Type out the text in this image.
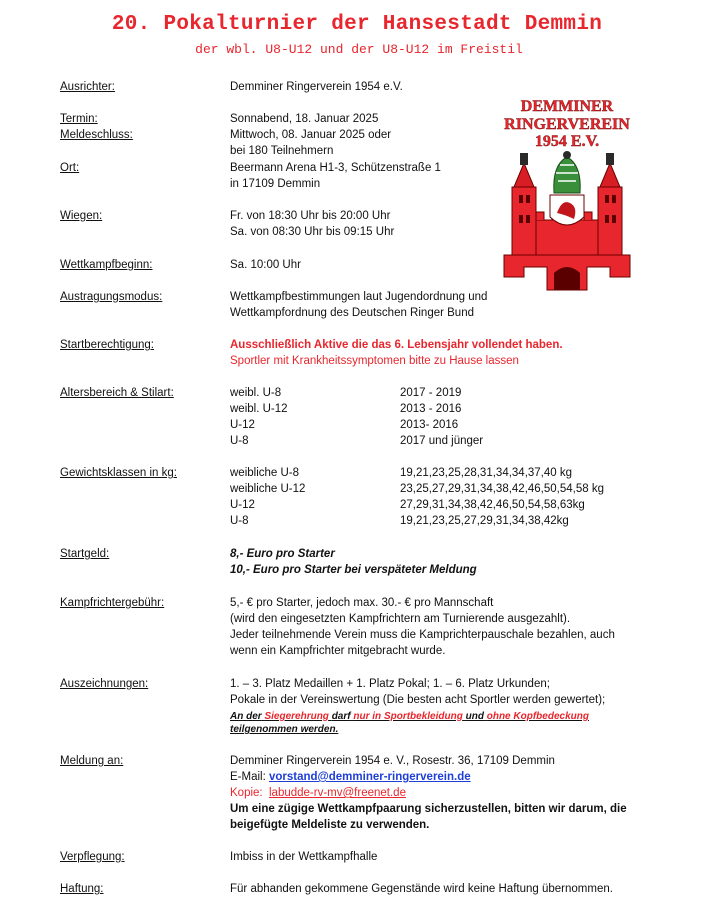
20. Pokalturnier der Hansestadt Demmin
der wbl. U8-U12 und der U8-U12 im Freistil
DEMMINER
RINGERVEREIN
1954 E.V.
Ausrichter:	Demminer Ringerverein 1954 e.V.
Termin:	Sonnabend, 18. Januar 2025
Meldeschluss:	Mittwoch, 08. Januar 2025 oder
bei 180 Teilnehmern
Ort:	Beermann Arena H1-3, Schützenstraße 1
in 17109 Demmin
Wiegen:	Fr. von 18:30 Uhr bis 20:00 Uhr
Sa. von 08:30 Uhr bis 09:15 Uhr
Wettkampfbeginn:	Sa. 10:00 Uhr
Austragungsmodus:	Wettkampfbestimmungen laut Jugendordnung und
Wettkampfordnung des Deutschen Ringer Bund
Startberechtigung:	Ausschließlich Aktive die das 6. Lebensjahr vollendet haben.
Sportler mit Krankheitssymptomen bitte zu Hause lassen
Altersbereich & Stilart:	weibl. U-8	2017 - 2019
weibl. U-12	2013 - 2016
U-12	2013- 2016
U-8	2017 und jünger
Gewichtsklassen in kg:	weibliche U-8	19,21,23,25,28,31,34,34,37,40 kg
weibliche U-12	23,25,27,29,31,34,38,42,46,50,54,58 kg
U-12	27,29,31,34,38,42,46,50,54,58,63kg
U-8	19,21,23,25,27,29,31,34,38,42kg
Startgeld:	8,- Euro pro Starter
10,- Euro pro Starter bei verspäteter Meldung
Kampfrichtergebühr:	5,- € pro Starter, jedoch max. 30.- € pro Mannschaft
(wird den eingesetzten Kampfrichtern am Turnierende ausgezahlt).
Jeder teilnehmende Verein muss die Kamprichterpauschale bezahlen, auch
wenn ein Kampfrichter mitgebracht wurde.
Auszeichnungen:	1. – 3. Platz Medaillen + 1. Platz Pokal; 1. – 6. Platz Urkunden;
Pokale in der Vereinswertung (Die besten acht Sportler werden gewertet);
An der Siegerehrung darf nur in Sportbekleidung und ohne Kopfbedeckung
teilgenommen werden.
Meldung an:	Demminer Ringerverein 1954 e. V., Rosestr. 36, 17109 Demmin
E-Mail: vorstand@demminer-ringerverein.de
Kopie: labudde-rv-mv@freenet.de
Um eine zügige Wettkampfpaarung sicherzustellen, bitten wir darum, die
beigefügte Meldeliste zu verwenden.
Verpflegung:	Imbiss in der Wettkampfhalle
Haftung:	Für abhanden gekommene Gegenstände wird keine Haftung übernommen.
